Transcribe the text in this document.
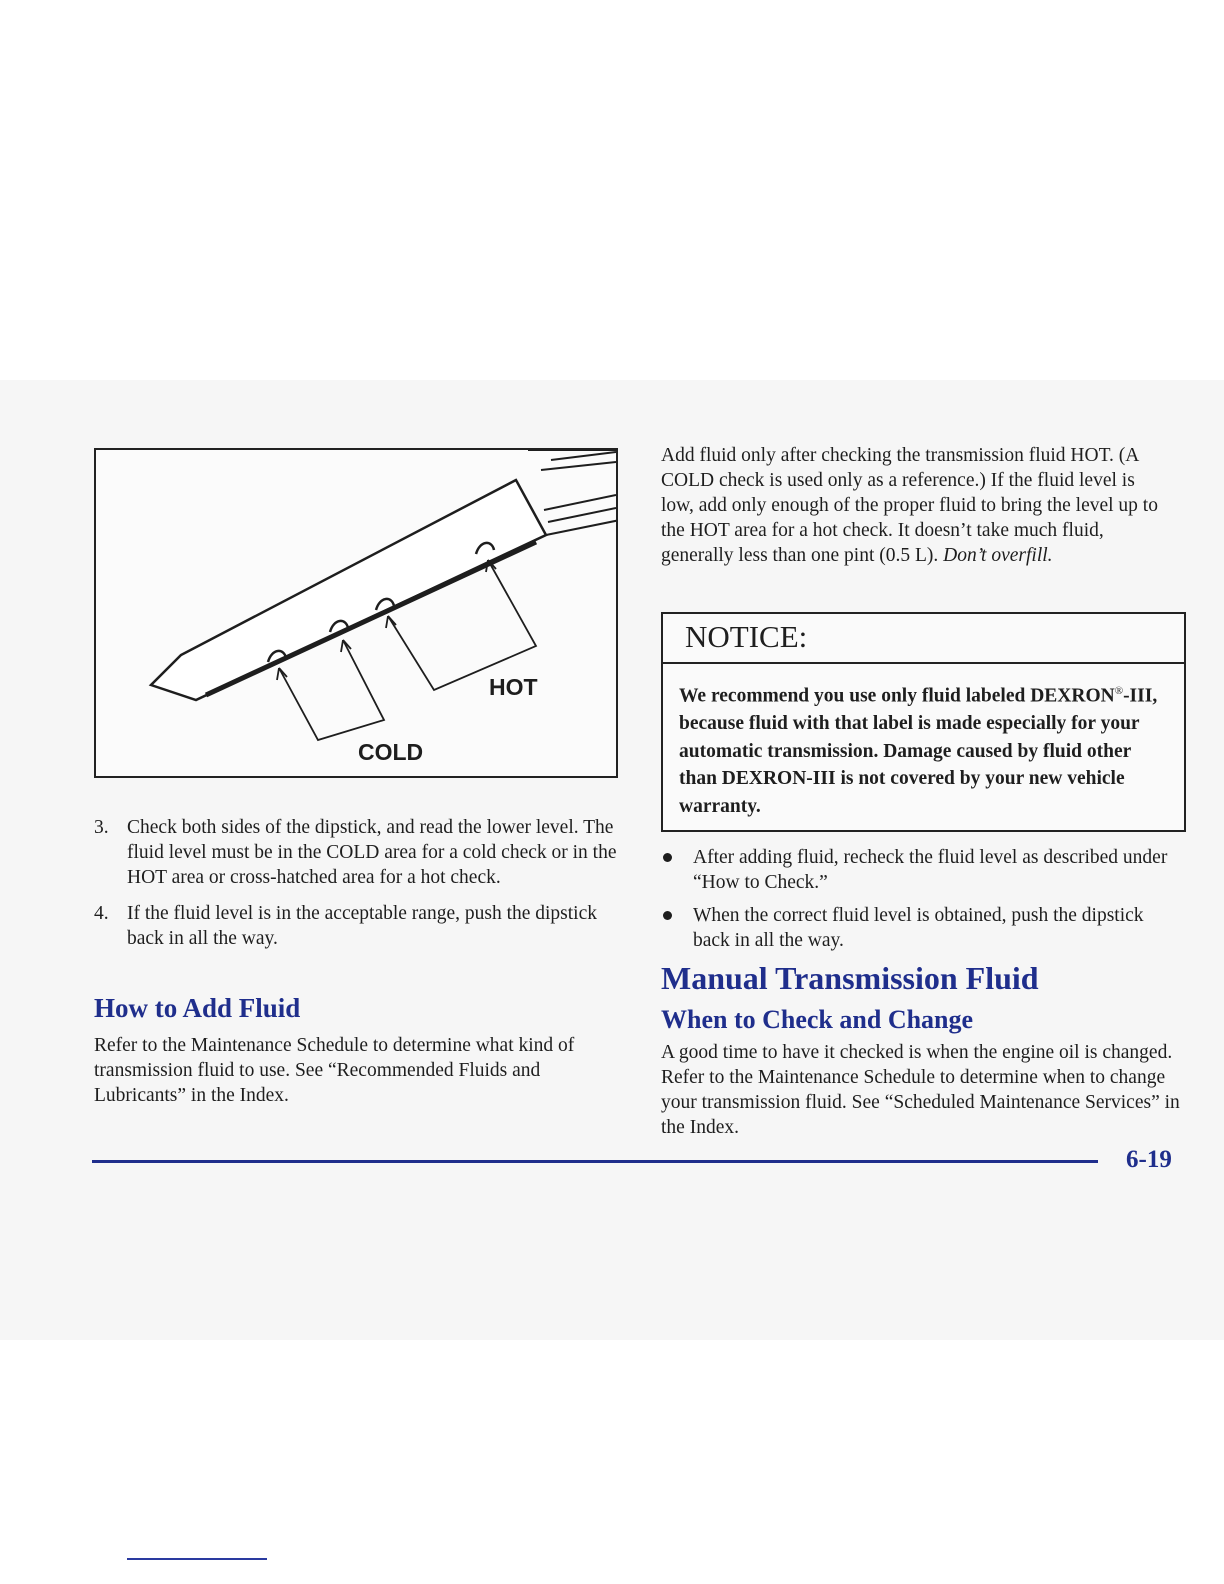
HOT
COLD
3. Check both sides of the dipstick, and read the lower level. The fluid level must be in the COLD area for a cold check or in the HOT area or cross-hatched area for a hot check.
4. If the fluid level is in the acceptable range, push the dipstick back in all the way.
How to Add Fluid

Refer to the Maintenance Schedule to determine what kind of transmission fluid to use. See “Recommended Fluids and Lubricants” in the Index.

Add fluid only after checking the transmission fluid HOT. (A COLD check is used only as a reference.) If the fluid level is low, add only enough of the proper fluid to bring the level up to the HOT area for a hot check. It doesn’t take much fluid, generally less than one pint (0.5 L). Don’t overfill.

NOTICE:
We recommend you use only fluid labeled DEXRON®-III, because fluid with that label is made especially for your automatic transmission. Damage caused by fluid other than DEXRON-III is not covered by your new vehicle warranty.
After adding fluid, recheck the fluid level as described under “How to Check.”
When the correct fluid level is obtained, push the dipstick back in all the way.
Manual Transmission Fluid
When to Check and Change

A good time to have it checked is when the engine oil is changed. Refer to the Maintenance Schedule to determine when to change your transmission fluid. See “Scheduled Maintenance Services” in the Index.

6-19
